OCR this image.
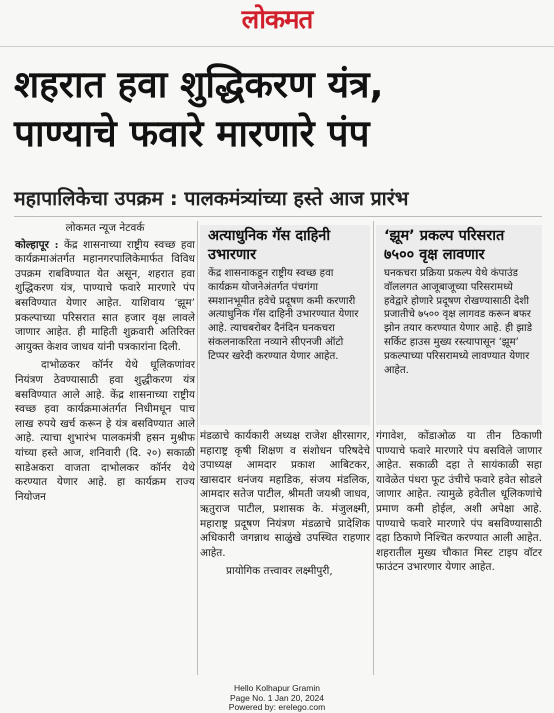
लोकमत
शहरात हवा शुद्धिकरण यंत्र,
पाण्याचे फवारे मारणारे पंप
महापालिकेचा उपक्रम : पालकमंत्र्यांच्या हस्ते आज प्रारंभ

लोकमत न्यूज नेटवर्क

कोल्हापूर : केंद्र शासनाच्या राष्ट्रीय स्वच्छ हवा कार्यक्रमाअंतर्गत महानगरपालिकेमार्फत विविध उपक्रम राबविण्यात येत असून, शहरात हवा शुद्धिकरण यंत्र, पाण्याचे फवारे मारणारे पंप बसविण्यात येणार आहेत. याशिवाय ‘झूम’ प्रकल्पाच्या परिसरात सात हजार वृक्ष लावले जाणार आहेत. ही माहिती शुक्रवारी अतिरिक्त आयुक्त केशव जाधव यांनी पत्रकारांना दिली.

दाभोळकर कॉर्नर येथे धूलिकणांवर नियंत्रण ठेवण्यासाठी हवा शुद्धीकरण यंत्र बसविण्यात आले आहे. केंद्र शासनाच्या राष्ट्रीय स्वच्छ हवा कार्यक्रमाअंतर्गत निधीमधून पाच लाख रुपये खर्च करून हे यंत्र बसविण्यात आले आहे. त्याचा शुभारंभ पालकमंत्री हसन मुश्रीफ यांच्या हस्ते आज, शनिवारी (दि. २०) सकाळी साडेअकरा वाजता दाभोलकर कॉर्नर येथे करण्यात येणार आहे. हा कार्यक्रम राज्य नियोजन

अत्याधुनिक गॅस दाहिनी उभारणार

केंद्र शासनाकडून राष्ट्रीय स्वच्छ हवा कार्यक्रम योजनेअंतर्गत पंचगंगा स्मशानभूमीत हवेचे प्रदूषण कमी करणारी अत्याधुनिक गॅस दाहिनी उभारण्यात येणार आहे. त्याचबरोबर दैनंदिन घनकचरा संकलनाकरिता नव्याने सीएनजी ऑटो टिप्पर खरेदी करण्यात येणार आहेत.

‘झूम’ प्रकल्प परिसरात ७५०० वृक्ष लावणार

घनकचरा प्रक्रिया प्रकल्प येथे कंपाउंड वॉललगत आजूबाजूच्या परिसरामध्ये हवेद्वारे होणारे प्रदूषण रोखण्यासाठी देशी प्रजातीचे ७५०० वृक्ष लागवड करून बफर झोन तयार करण्यात येणार आहे. ही झाडे सर्किट हाउस मुख्य रस्त्यापासून ‘झूम’ प्रकल्पाच्या परिसरामध्ये लावण्यात येणार आहेत.

मंडळाचे कार्यकारी अध्यक्ष राजेश क्षीरसागर, महाराष्ट्र कृषी शिक्षण व संशोधन परिषदेचे उपाध्यक्ष आमदार प्रकाश आबिटकर, खासदार धनंजय महाडिक, संजय मंडलिक, आमदार सतेज पाटील, श्रीमती जयश्री जाधव, ऋतुराज पाटील, प्रशासक के. मंजुलक्ष्मी, महाराष्ट्र प्रदूषण नियंत्रण मंडळाचे प्रादेशिक अधिकारी जगन्नाथ साळुंखे उपस्थित राहणार आहेत.

प्रायोगिक तत्त्वावर लक्ष्मीपुरी,

गंगावेश, कोंडाओळ या तीन ठिकाणी पाण्याचे फवारे मारणारे पंप बसविले जाणार आहेत. सकाळी दहा ते सायंकाळी सहा यावेळेत पंधरा फूट उंचीचे फवारे हवेत सोडले जाणार आहेत. त्यामुळे हवेतील धूलिकणांचे प्रमाण कमी होईल, अशी अपेक्षा आहे. पाण्याचे फवारे मारणारे पंप बसविण्यासाठी दहा ठिकाणे निश्चित करण्यात आली आहेत. शहरातील मुख्य चौकात मिस्ट टाइप वॉटर फाउंटन उभारणार येणार आहेत.

Hello Kolhapur Gramin
Page No. 1 Jan 20, 2024
Powered by: erelego.com
